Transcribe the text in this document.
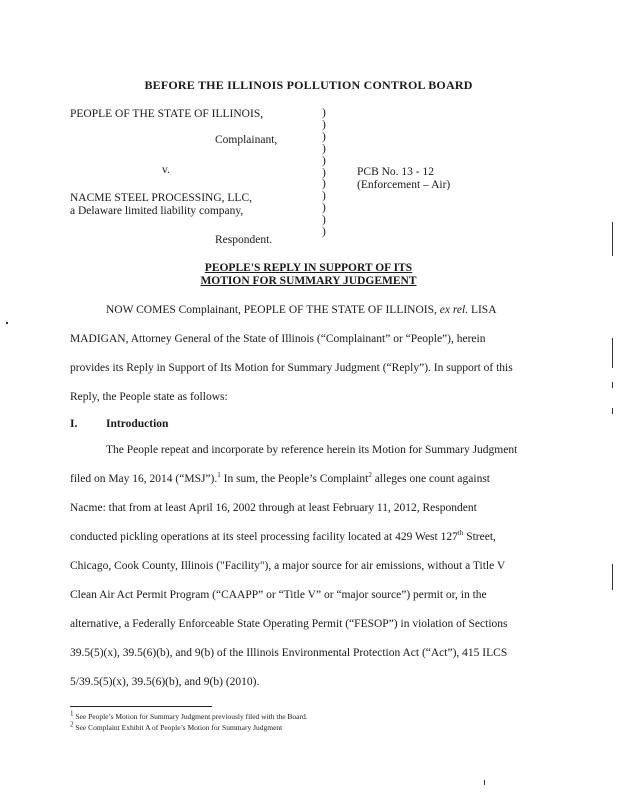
BEFORE THE ILLINOIS POLLUTION CONTROL BOARD
PEOPLE OF THE STATE OF ILLINOIS,
Complainant,
v.
NACME STEEL PROCESSING, LLC,
a Delaware limited liability company,
Respondent.
)
)
)
)
)
)
)
)
)
)
)
PCB No. 13 - 12
(Enforcement – Air)
PEOPLE'S REPLY IN SUPPORT OF ITS
MOTION FOR SUMMARY JUDGEMENT
NOW COMES Complainant, PEOPLE OF THE STATE OF ILLINOIS, ex rel. LISA
MADIGAN, Attorney General of the State of Illinois (“Complainant” or “People”), herein
provides its Reply in Support of Its Motion for Summary Judgment (“Reply”). In support of this
Reply, the People state as follows:
I. Introduction
The People repeat and incorporate by reference herein its Motion for Summary Judgment
filed on May 16, 2014 (“MSJ”).$^1$ In sum, the People’s Complaint$^2$ alleges one count against
Nacme: that from at least April 16, 2002 through at least February 11, 2012, Respondent
conducted pickling operations at its steel processing facility located at 429 West 127th Street,
Chicago, Cook County, Illinois ("Facility"), a major source for air emissions, without a Title V
Clean Air Act Permit Program (“CAAPP” or “Title V” or “major source”) permit or, in the
alternative, a Federally Enforceable State Operating Permit (“FESOP”) in violation of Sections
39.5(5)(x), 39.5(6)(b), and 9(b) of the Illinois Environmental Protection Act (“Act”), 415 ILCS
5/39.5(5)(x), 39.5(6)(b), and 9(b) (2010).
$^1$ See People’s Motion for Summary Judgment previously filed with the Board.
$^2$ See Complaint Exhibit A of People’s Motion for Summary Judgment
